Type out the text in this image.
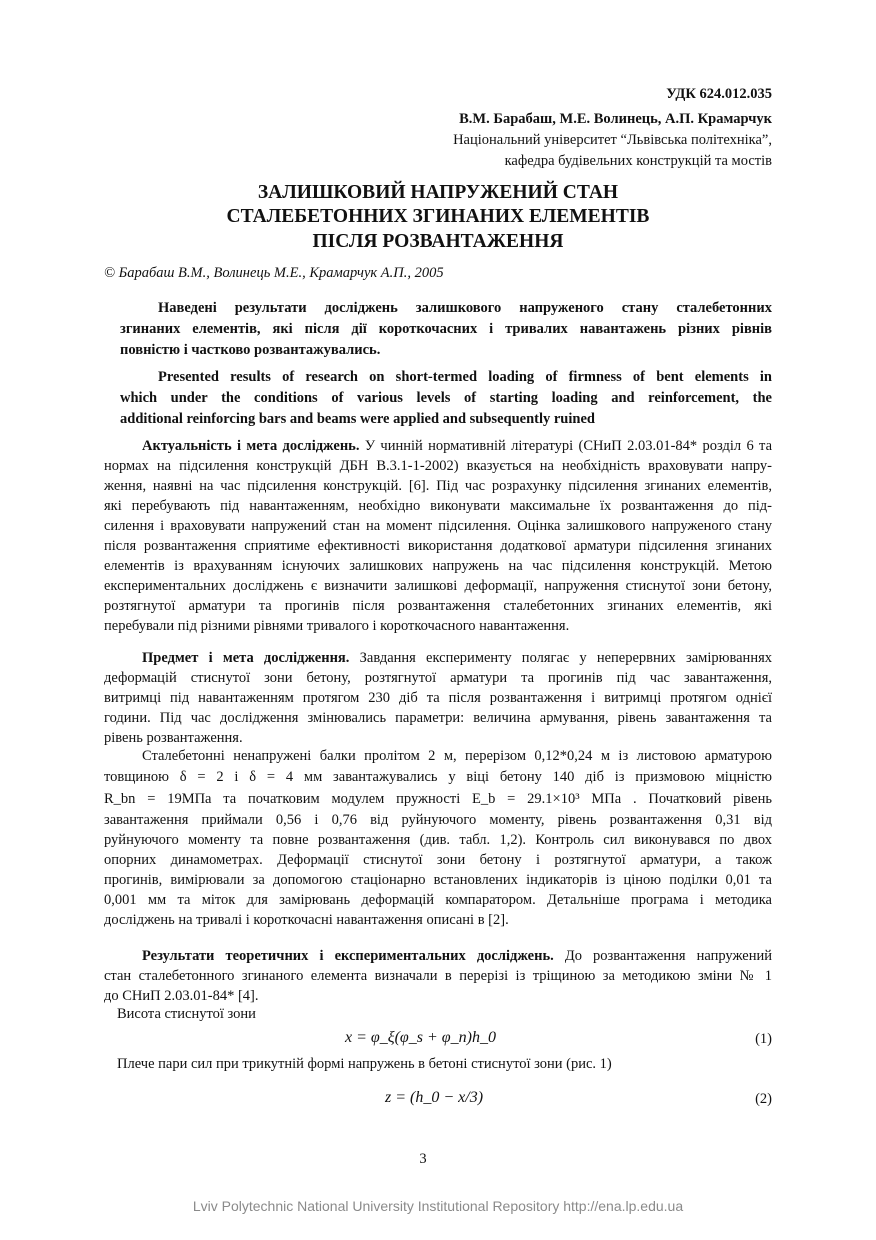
УДК 624.012.035
В.М. Барабаш, М.Е. Волинець, А.П. Крамарчук
Національний університет “Львівська політехніка”,
кафедра будівельних конструкцій та мостів
ЗАЛИШКОВИЙ НАПРУЖЕНИЙ СТАН
СТАЛЕБЕТОННИХ ЗГИНАНИХ ЕЛЕМЕНТІВ
ПІСЛЯ РОЗВАНТАЖЕННЯ
© Барабаш В.М., Волинець М.Е., Крамарчук А.П., 2005
Наведені результати досліджень залишкового напруженого стану сталебетонних
згинаних елементів, які після дії короткочасних і тривалих навантажень різних рівнів
повністю і частково розвантажувались.
Presented results of research on short-termed loading of firmness of bent elements in
which under the conditions of various levels of starting loading and reinforcement, the
additional reinforcing bars and beams were applied and subsequently ruined
Актуальність і мета досліджень. У чинній нормативній літературі (СНиП 2.03.01-84* розділ 6 та
нормах на підсилення конструкцій ДБН В.3.1-1-2002) вказується на необхідність враховувати напру-
ження, наявні на час підсилення конструкцій. [6]. Під час розрахунку підсилення згинаних елементів,
які перебувають під навантаженням, необхідно виконувати максимальне їх розвантаження до під-
силення і враховувати напружений стан на момент підсилення. Оцінка залишкового напруженого стану
після розвантаження сприятиме ефективності використання додаткової арматури підсилення згинаних
елементів із врахуванням існуючих залишкових напружень на час підсилення конструкцій. Метою
експериментальних досліджень є визначити залишкові деформації, напруження стиснутої зони бетону,
розтягнутої арматури та прогинів після розвантаження сталебетонних згинаних елементів, які
перебували під різними рівнями тривалого і короткочасного навантаження.
Предмет і мета дослідження. Завдання експерименту полягає у неперервних замірюваннях
деформацій стиснутої зони бетону, розтягнутої арматури та прогинів під час завантаження,
витримці під навантаженням протягом 230 діб та після розвантаження і витримці протягом однієї
години. Під час дослідження змінювались параметри: величина армування, рівень завантаження та
рівень розвантаження.
Сталебетонні ненапружені балки пролітом 2 м, перерізом 0,12*0,24 м із листовою арматурою
товщиною δ = 2 і δ = 4 мм завантажувались у віці бетону 140 діб із призмовою міцністю
R_bn = 19МПа та початковим модулем пружності E_b = 29.1×10³ МПа . Початковий рівень
завантаження приймали 0,56 і 0,76 від руйнуючого моменту, рівень розвантаження 0,31 від
руйнуючого моменту та повне розвантаження (див. табл. 1,2). Контроль сил виконувався по двох
опорних динамометрах. Деформації стиснутої зони бетону і розтягнутої арматури, а також
прогинів, вимірювали за допомогою стаціонарно встановлених індикаторів із ціною поділки 0,01 та
0,001 мм та міток для замірювань деформацій компаратором. Детальніше програма і методика
досліджень на тривалі і короткочасні навантаження описані в [2].
Результати теоретичних і експериментальних досліджень. До розвантаження напружений
стан сталебетонного згинаного елемента визначали в перерізі із тріщиною за методикою зміни № 1
до СНиП 2.03.01-84* [4].
Висота стиснутої зони
x = φ_ξ(φ_s + φ_n)h_0	(1)
Плече пари сил при трикутній формі напружень в бетоні стиснутої зони (рис. 1)
z = (h_0 − x/3)	(2)
3
Lviv Polytechnic National University Institutional Repository http://ena.lp.edu.ua
